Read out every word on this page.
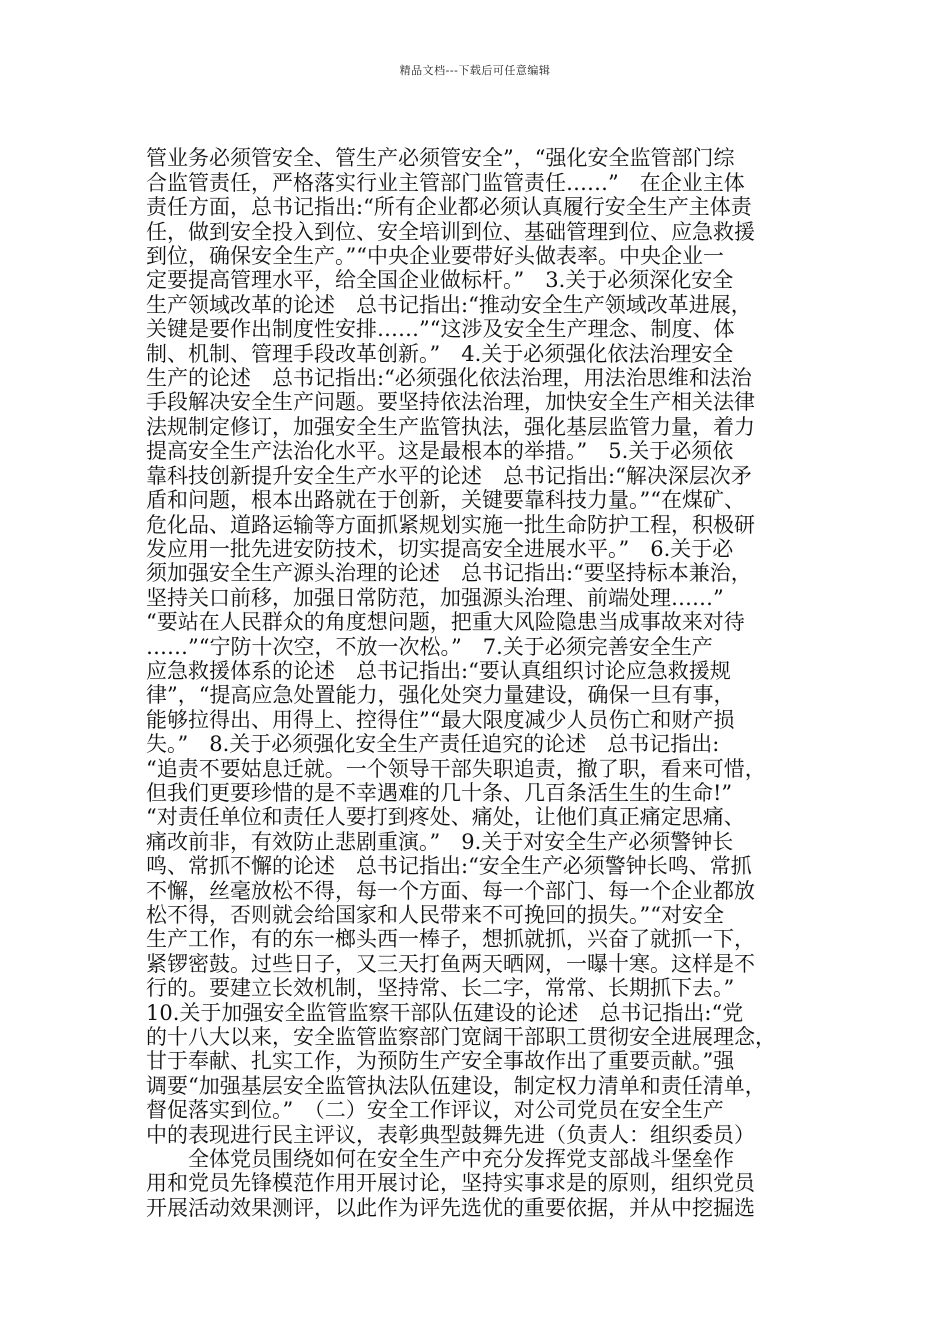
精品文档---下载后可任意编辑

管业务必须管安全、管生产必须管安全”，“强化安全监管部门综
合监管责任，严格落实行业主管部门监管责任……”　在企业主体
责任方面，总书记指出:“所有企业都必须认真履行安全生产主体责
任，做到安全投入到位、安全培训到位、基础管理到位、应急救援
到位，确保安全生产。”“中央企业要带好头做表率。中央企业一
定要提高管理水平，给全国企业做标杆。”　3.关于必须深化安全
生产领域改革的论述　总书记指出:“推动安全生产领域改革进展，
关键是要作出制度性安排……”“这涉及安全生产理念、制度、体
制、机制、管理手段改革创新。”　4.关于必须强化依法治理安全
生产的论述　总书记指出:“必须强化依法治理，用法治思维和法治
手段解决安全生产问题。要坚持依法治理，加快安全生产相关法律
法规制定修订，加强安全生产监管执法，强化基层监管力量，着力
提高安全生产法治化水平。这是最根本的举措。”　5.关于必须依
靠科技创新提升安全生产水平的论述　总书记指出:“解决深层次矛
盾和问题，根本出路就在于创新，关键要靠科技力量。”“在煤矿、
危化品、道路运输等方面抓紧规划实施一批生命防护工程，积极研
发应用一批先进安防技术，切实提高安全进展水平。”　6.关于必
须加强安全生产源头治理的论述　总书记指出:“要坚持标本兼治，
坚持关口前移，加强日常防范，加强源头治理、前端处理……”
“要站在人民群众的角度想问题，把重大风险隐患当成事故来对待
……”“宁防十次空，不放一次松。”　7.关于必须完善安全生产
应急救援体系的论述　总书记指出:“要认真组织讨论应急救援规
律”，“提高应急处置能力，强化处突力量建设，确保一旦有事，
能够拉得出、用得上、控得住”“最大限度减少人员伤亡和财产损
失。”　8.关于必须强化安全生产责任追究的论述　总书记指出:
“追责不要姑息迁就。一个领导干部失职追责，撤了职，看来可惜，
但我们更要珍惜的是不幸遇难的几十条、几百条活生生的生命!”
“对责任单位和责任人要打到疼处、痛处，让他们真正痛定思痛、
痛改前非，有效防止悲剧重演。”　9.关于对安全生产必须警钟长
鸣、常抓不懈的论述　总书记指出:“安全生产必须警钟长鸣、常抓
不懈，丝毫放松不得，每一个方面、每一个部门、每一个企业都放
松不得，否则就会给国家和人民带来不可挽回的损失。”“对安全
生产工作，有的东一榔头西一棒子，想抓就抓，兴奋了就抓一下，
紧锣密鼓。过些日子，又三天打鱼两天晒网，一曝十寒。这样是不
行的。要建立长效机制，坚持常、长二字，常常、长期抓下去。”
10.关于加强安全监管监察干部队伍建设的论述　总书记指出:“党
的十八大以来，安全监管监察部门宽阔干部职工贯彻安全进展理念，
甘于奉献、扎实工作，为预防生产安全事故作出了重要贡献。”强
调要“加强基层安全监管执法队伍建设，制定权力清单和责任清单，
督促落实到位。”　（二）安全工作评议，对公司党员在安全生产
中的表现进行民主评议，表彰典型鼓舞先进（负责人：组织委员）
　　全体党员围绕如何在安全生产中充分发挥党支部战斗堡垒作
用和党员先锋模范作用开展讨论，坚持实事求是的原则，组织党员
开展活动效果测评，以此作为评先选优的重要依据，并从中挖掘选
